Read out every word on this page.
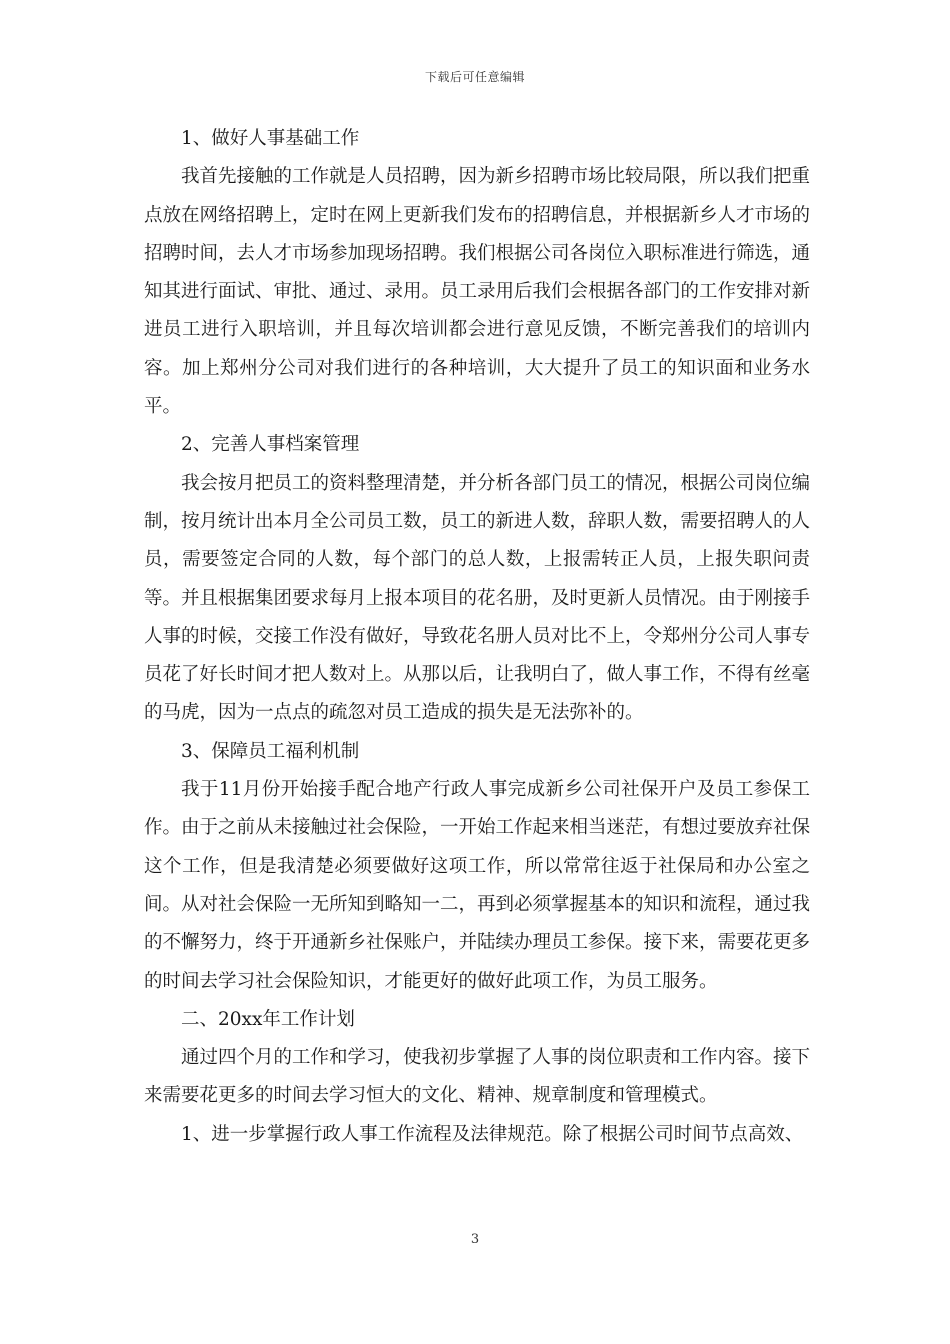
下载后可任意编辑

1、做好人事基础工作

我首先接触的工作就是人员招聘，因为新乡招聘市场比较局限，所以我们把重点放在网络招聘上，定时在网上更新我们发布的招聘信息，并根据新乡人才市场的招聘时间，去人才市场参加现场招聘。我们根据公司各岗位入职标准进行筛选，通知其进行面试、审批、通过、录用。员工录用后我们会根据各部门的工作安排对新进员工进行入职培训，并且每次培训都会进行意见反馈，不断完善我们的培训内容。加上郑州分公司对我们进行的各种培训，大大提升了员工的知识面和业务水平。

2、完善人事档案管理

我会按月把员工的资料整理清楚，并分析各部门员工的情况，根据公司岗位编制，按月统计出本月全公司员工数，员工的新进人数，辞职人数，需要招聘人的人员，需要签定合同的人数，每个部门的总人数，上报需转正人员，上报失职问责等。并且根据集团要求每月上报本项目的花名册，及时更新人员情况。由于刚接手人事的时候，交接工作没有做好，导致花名册人员对比不上，令郑州分公司人事专员花了好长时间才把人数对上。从那以后，让我明白了，做人事工作，不得有丝毫的马虎，因为一点点的疏忽对员工造成的损失是无法弥补的。

3、保障员工福利机制

我于11月份开始接手配合地产行政人事完成新乡公司社保开户及员工参保工作。由于之前从未接触过社会保险，一开始工作起来相当迷茫，有想过要放弃社保这个工作，但是我清楚必须要做好这项工作，所以常常往返于社保局和办公室之间。从对社会保险一无所知到略知一二，再到必须掌握基本的知识和流程，通过我的不懈努力，终于开通新乡社保账户，并陆续办理员工参保。接下来，需要花更多的时间去学习社会保险知识，才能更好的做好此项工作，为员工服务。

二、20xx年工作计划

通过四个月的工作和学习，使我初步掌握了人事的岗位职责和工作内容。接下来需要花更多的时间去学习恒大的文化、精神、规章制度和管理模式。

1、进一步掌握行政人事工作流程及法律规范。除了根据公司时间节点高效、

3
